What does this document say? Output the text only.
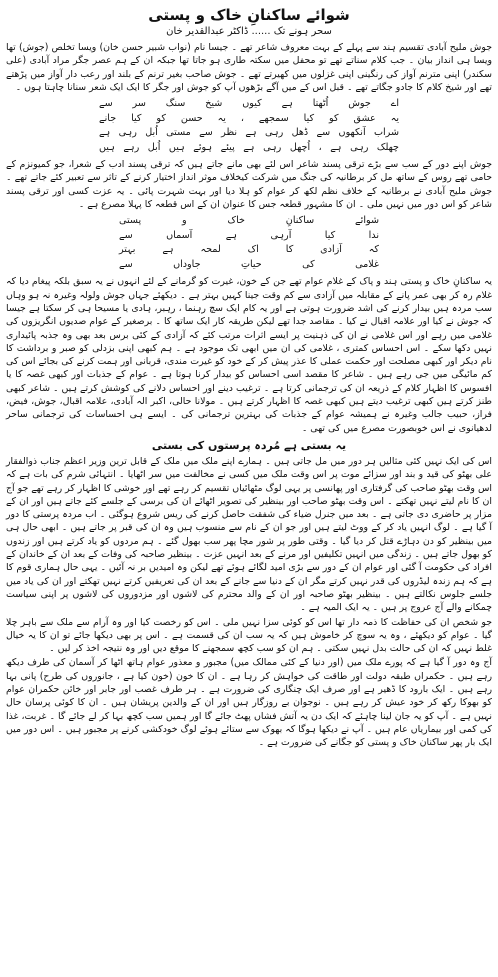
شوائے ساکنانِ خاک و پستی
سحر ہونے تک ...... ڈاکٹر عبدالقدیر خان

جوش ملیح آبادی تقسیم ہند سے پہلے کے بہت معروف شاعر تھے ۔ جیسا نام (نواب شبیر حسن خان) ویسا تخلص (جوش) تھا ویسا ہی انداز بیان ۔ جب کلام سناتے تھے تو محفل میں سکتہ طاری ہو جاتا تھا جبکہ ان کے ہم عصر جگر مراد آبادی (علی سکندر) اپنی مترنم آواز کی رنگینی اپنی غزلوں میں کھیرتے تھے ۔ جوش صاحب بغیر ترنم کے بلند اور رعب دار آواز میں پڑھتے تھے اور شیخ کلام کا جادو جگاتے تھے ۔ قبل اس کے میں آگے بڑھوں آپ کو جوش اور جگر کا ایک ایک شعر سنانا چاہتا ہوں ۔

اے جوش اُٹھتا ہے کیوں شیخ سنگ سر سے
یہ عشق کو کیا سمجھے ، یہ حسن کو کیا جانے
شراب آنکھوں سے ڈھل رہی ہے نظر سے مستی اُبل رہی ہے
چھلک رہی ہے ، اُچھل رہی ہے پیئے ہوئے ہیں اُبل رہے ہیں

جوش اپنے دور کے سب سے بڑے ترقی پسند شاعر اس لئے بھی مانے جاتے ہیں کہ ترقی پسند ادب کے شعرا، جو کمیونزم کے حامی تھے روس کے ساتھ مل کر برطانیہ کی جنگ میں شرکت کیخلاف موثر انداز اختیار کرنے کے تاثر سے تعبیر کئے جاتے تھے ۔ جوش ملیح آبادی نے برطانیہ کے خلاف نظم لکھ کر عوام کو ہلا دیا اور بہت شہرت پائی ۔ یہ عزت کسی اور ترقی پسند شاعر کو اس دور میں نہیں ملی ۔ ان کا مشہور قطعہ جس کا عنوان ان کے اس قطعہ کا پہلا مصرع ہے ۔

شوائے ساکنانِ خاک و پستی
ندا کیا آرہی ہے آسماں سے
کہ آزادی کا اک لمحہ ہے بہتر
غلامی کی حیاتِ جاوداں سے

یہ ساکنانِ خاک و پستی ہند و پاک کے غلام عوام تھے جن کے خون، غیرت کو گرمانے کے لئے انہوں نے یہ سبق بلکہ پیغام دیا کہ غلام رہ کر بھی عمر پانے کے مقابلہ میں آزادی سے کم وقت جینا کہیں بہتر ہے ۔ دیکھئے جہاں جوش ولولہ وغیرہ نہ ہو وہاں سب مردہ ہیں بیدار کرنے کی اشد ضرورت ہوتی ہے اور یہ کام ایک سچ رہنما ، رہبر، ہادی یا مسیحا ہی کر سکتا ہے جیسا کہ جوش نے کیا اور علامہ اقبال نے کیا ۔ مقاصد جدا تھے لیکن طریقہ کار ایک ساتھ کا ۔ برصغیر کے عوام صدیوں انگریزوں کی غلامی میں رہے اور اس غلامی نے ان کی ذہنیت پر ایسے اثرات مرتب کئے کہ آزادی کے کئی برس بعد بھی وہ جذبہ پائیداری نہیں دکھا سکے ۔ اس احساس کمتری ، غلامی کی ان میں ابھی تک موجود ہے ۔ ہم کبھی اپنی بزدلی کو صبر و برداشت کا نام دیکر اور کبھی مصلحت اور حکمت عملی کا عذر پیش کر کے خود کو غیرت مندی، قربانی اور ہمت کرنے کی بجائے اس کی کم مائیگی میں جی رہے ہیں ۔ شاعر کا مقصد اسی احساس کو بیدار کرنا ہوتا ہے ۔ عوام کے جذبات اور کبھی غصہ کا یا افسوس کا اظہار کلام کے ذریعہ ان کی ترجمانی کرتا ہے ۔ ترغیب دینے اور احساس دلانے کی کوشش کرتے ہیں ۔ شاعر کبھی طنز کرتے ہیں کبھی ترغیب دیتے ہیں کبھی غصہ کا اظہار کرتے ہیں ۔ مولانا حالی، اکبر الہ آبادی، علامہ اقبال، جوش، فیض، فراز، حبیب جالب وغیرہ نے ہمیشہ عوام کے جذبات کی بہترین ترجمانی کی ۔ ایسے ہی احساسات کی ترجمانی ساحر لدھیانوی نے اس خوبصورت مصرع میں کی تھی ۔

یہ بستی ہے مُردہ پرستوں کی بستی

اس کی ایک نہیں کئی مثالیں ہر دور میں مل جاتی ہیں ۔ ہمارے اپنے ملک میں ملک کے قابل ترین وزیر اعظم جناب ذوالفقار علی بھٹو کی قید و بند اور سزائے موت پر اس وقت ملک میں کسی نے مخالفت میں سر اٹھایا ۔ انتہائی شرم کی بات ہے کہ اس وقت بھٹو صاحب کی گرفتاری اور پھانسی پر یہی لوگ مٹھائیاں تقسیم کر رہے تھے اور خوشی کا اظہار کر رہے تھے جو آج ان کا نام لیتے نہیں تھکتے ۔ اس وقت بھٹو صاحب اور بینظیر کی تصویر اٹھائے ان کی برسی کے جلسے کئے جاتے ہیں اور ان کے مزار پر حاضری دی جاتی ہے ۔ بعد میں جنرل ضیاء کی شفقت حاصل کرنے کی ریس شروع ہوگئی ۔ اب مردہ پرستی کا دور آ گیا ہے ۔ لوگ انہیں یاد کر کے ووٹ لیتے ہیں اور جو ان کے نام سے منسوب ہیں وہ ان کی قبر پر جاتے ہیں ۔ ابھی حال ہی میں بینظیر کو دن دہاڑے قتل کر دیا گیا ۔ وقتی طور پر شور مچا پھر سب بھول گئے ۔ ہم مردوں کو یاد کرتے ہیں اور زندوں کو بھول جاتے ہیں ۔ زندگی میں انہیں تکلیفیں اور مرنے کے بعد انہیں عزت ۔ بینظیر صاحبہ کی وفات کے بعد ان کے خاندان کے افراد کی حکومت آ گئی اور عوام ان کے دور سے بڑی امید لگائے ہوئے تھے لیکن وہ امیدیں بر نہ آئیں ۔ یہی حال ہماری قوم کا ہے کہ ہم زندہ لیڈروں کی قدر نہیں کرتے مگر ان کے دنیا سے جانے کے بعد ان کی تعریفیں کرتے نہیں تھکتے اور ان کی یاد میں جلسے جلوس نکالتے ہیں ۔ بینظیر بھٹو صاحبہ اور ان کے والد محترم کی لاشوں اور مزدوروں کی لاشوں پر اپنی سیاست چمکانے والے آج عروج پر ہیں ۔ یہ ایک المیہ ہے ۔

جو شخص ان کی حفاظت کا ذمہ دار تھا اس کو کوئی سزا نہیں ملی ۔ اس کو رخصت کیا اور وہ آرام سے ملک سے باہر چلا گیا ۔ عوام کو دیکھئے ، وہ یہ سوچ کر خاموش ہیں کہ یہ سب ان کی قسمت ہے ۔ اس پر بھی دیکھا جائے تو ان کا یہ خیال غلط نہیں کہ ان کی حالت بدل نہیں سکتی ۔ ہم ان کو سب کچھ سمجھنے کا موقع دیں اور وہ نتیجہ اخذ کر لیں ۔

آج وہ دور آ گیا ہے کہ پورے ملک میں (اور دنیا کے کئی ممالک میں) مجبور و معذور عوام ہاتھ اٹھا کر آسمان کی طرف دیکھ رہے ہیں ۔ حکمراں طبقہ دولت اور طاقت کی خواہش کر رہا ہے ۔ ان کا خون (خون کیا ہے ، جانوروں کی طرح) پانی بہا رہے ہیں ۔ ایک بارود کا ڈھیر ہے اور صرف ایک چنگاری کی ضرورت ہے ۔ ہر طرف غصب اور جابر اور خائن حکمران عوام کو بھوکا رکھ کر خود عیش کر رہے ہیں ۔ نوجوان بے روزگار ہیں اور ان کے والدین پریشان ہیں ۔ ان کا کوئی پرسان حال نہیں ہے ۔ آپ کو یہ جان لینا چاہئے کہ ایک دن یہ آتش فشاں پھٹ جائے گا اور ہمیں سب کچھ بہا کر لے جائے گا ۔ غربت، غذا کی کمی اور بیماریاں عام ہیں ۔ آپ نے دیکھا ہوگا کہ بھوک سے ستائے ہوئے لوگ خودکشی کرنے پر مجبور ہیں ۔ اس دور میں ایک بار پھر ساکنان خاک و پستی کو جگانے کی ضرورت ہے ۔
